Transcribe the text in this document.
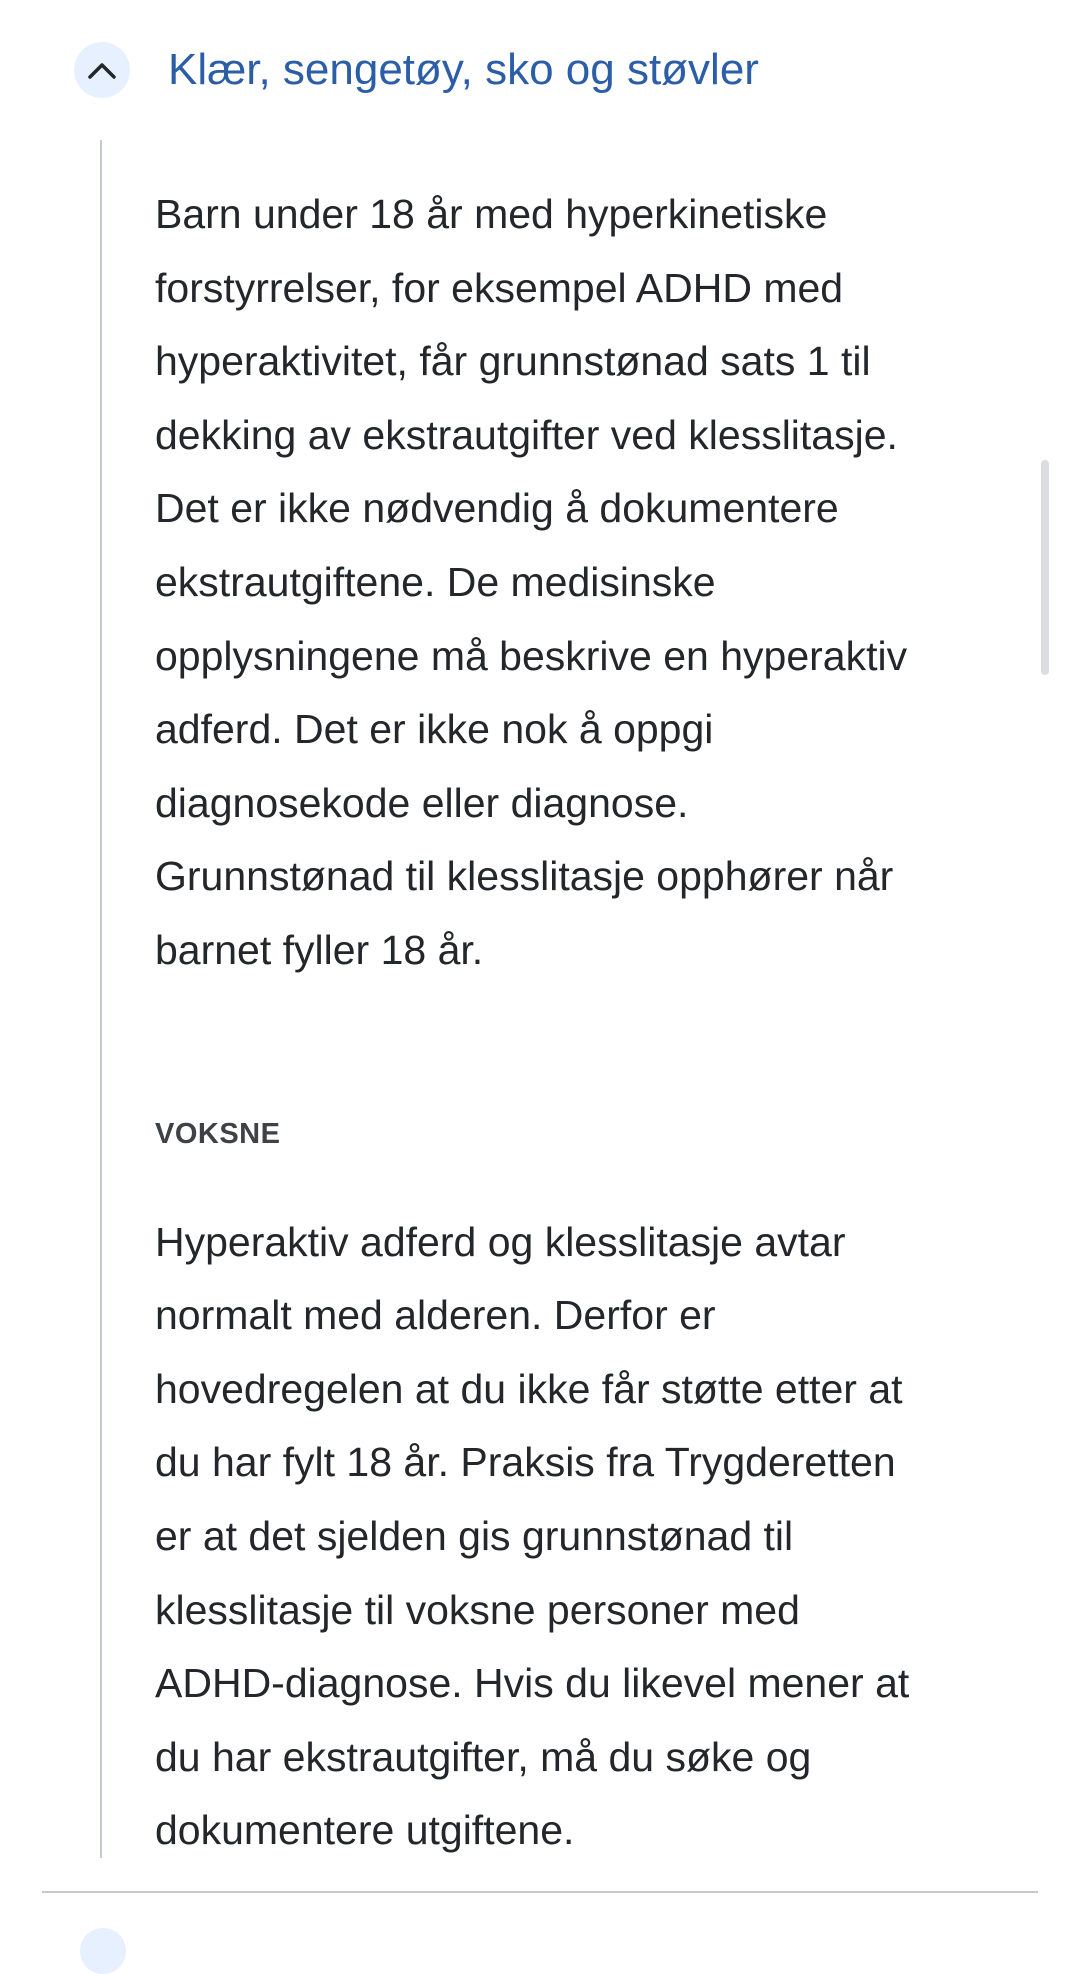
Klær, sengetøy, sko og støvler

Barn under 18 år med hyperkinetiske forstyrrelser, for eksempel ADHD med hyperaktivitet, får grunnstønad sats 1 til dekking av ekstrautgifter ved klesslitasje. Det er ikke nødvendig å dokumentere ekstrautgiftene. De medisinske opplysningene må beskrive en hyperaktiv adferd. Det er ikke nok å oppgi diagnosekode eller diagnose. Grunnstønad til klesslitasje opphører når barnet fyller 18 år.

VOKSNE

Hyperaktiv adferd og klesslitasje avtar normalt med alderen. Derfor er hovedregelen at du ikke får støtte etter at du har fylt 18 år. Praksis fra Trygderetten er at det sjelden gis grunnstønad til klesslitasje til voksne personer med ADHD-diagnose. Hvis du likevel mener at du har ekstrautgifter, må du søke og dokumentere utgiftene.
